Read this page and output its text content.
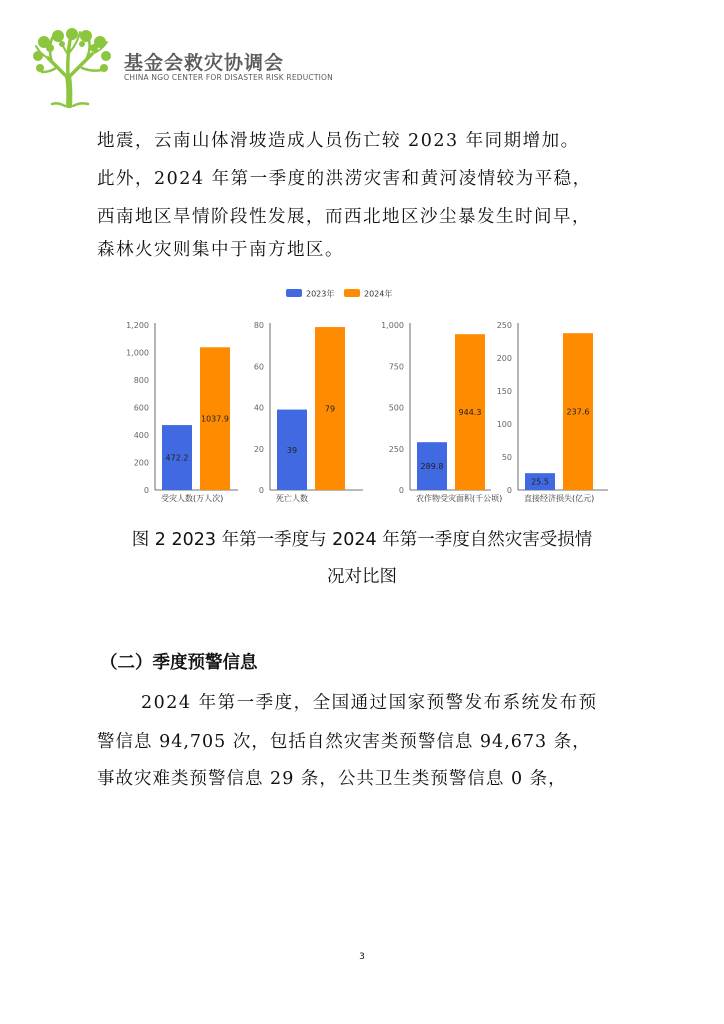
基金会救灾协调会
CHINA NGO CENTER FOR DISASTER RISK REDUCTION
地震，云南山体滑坡造成人员伤亡较 2023 年同期增加。
此外，2024 年第一季度的洪涝灾害和黄河凌情较为平稳，
西南地区旱情阶段性发展，而西北地区沙尘暴发生时间早，
森林火灾则集中于南方地区。
2023年	2024年
0
200
400
600
800
1,000
1,200
472.2
1037.9
受灾人数(万人次)
0
20
40
60
80
39
79
死亡人数
0
250
500
750
1,000
289.8
944.3
农作物受灾面积(千公顷)
0
50
100
150
200
250
25.5
237.6
直接经济损失(亿元)
图 2 2023 年第一季度与 2024 年第一季度自然灾害受损情
况对比图
（二）季度预警信息
2024 年第一季度，全国通过国家预警发布系统发布预
警信息 94,705 次，包括自然灾害类预警信息 94,673 条，
事故灾难类预警信息 29 条，公共卫生类预警信息 0 条，
3
